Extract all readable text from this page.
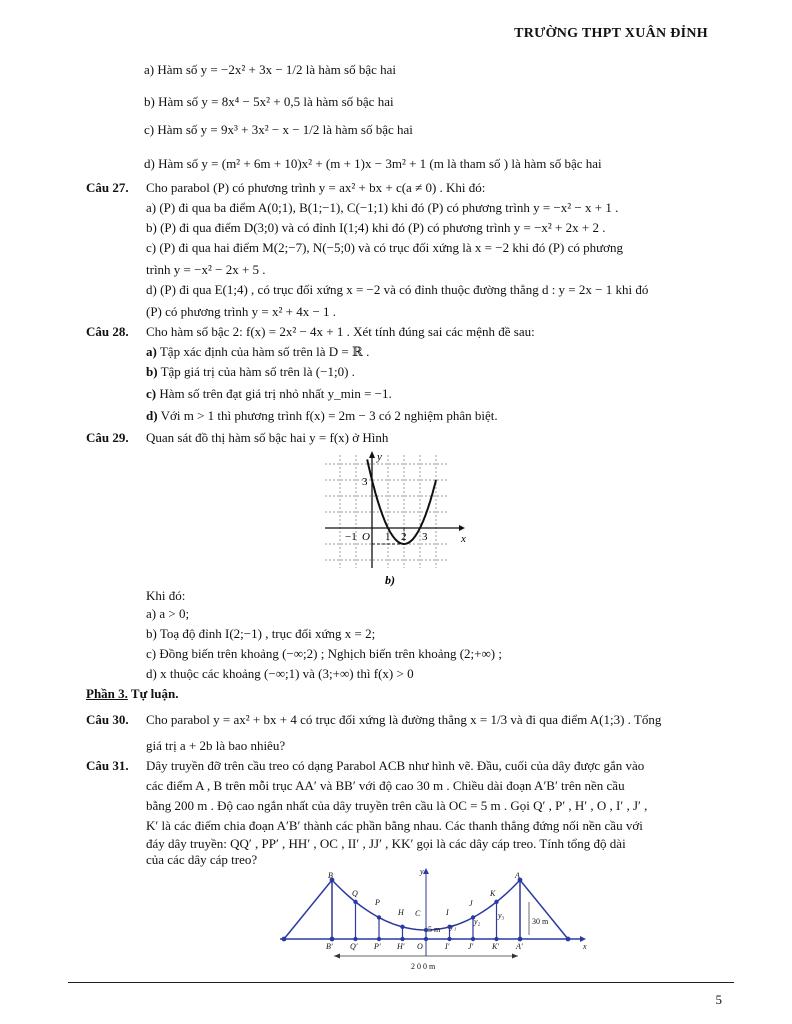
TRƯỜNG THPT XUÂN ĐỈNH
a) Hàm số y = −2x² + 3x − 1/2 là hàm số bậc hai
b) Hàm số y = 8x⁴ − 5x² + 0,5 là hàm số bậc hai
c) Hàm số y = 9x³ + 3x² − x − 1/2 là hàm số bậc hai
d) Hàm số y = (m² + 6m + 10)x² + (m + 1)x − 3m² + 1 (m là tham số ) là hàm số bậc hai
Câu 27. Cho parabol (P) có phương trình y = ax² + bx + c(a ≠ 0) . Khi đó:
a) (P) đi qua ba điểm A(0;1), B(1;−1), C(−1;1) khi đó (P) có phương trình y = −x² − x + 1 .
b) (P) đi qua điểm D(3;0) và có đỉnh I(1;4) khi đó (P) có phương trình y = −x² + 2x + 2 .
c) (P) đi qua hai điểm M(2;−7), N(−5;0) và có trục đối xứng là x = −2 khi đó (P) có phương
trình y = −x² − 2x + 5 .
d) (P) đi qua E(1;4) , có trục đối xứng x = −2 và có đỉnh thuộc đường thẳng d : y = 2x − 1 khi đó
(P) có phương trình y = x² + 4x − 1 .
Câu 28. Cho hàm số bậc 2: f(x) = 2x² − 4x + 1 . Xét tính đúng sai các mệnh đề sau:
a) Tập xác định của hàm số trên là D = ℝ .
b) Tập giá trị của hàm số trên là (−1;0) .
c) Hàm số trên đạt giá trị nhỏ nhất y_min = −1.
d) Với m > 1 thì phương trình f(x) = 2m − 3 có 2 nghiệm phân biệt.
Câu 29. Quan sát đồ thị hàm số bậc hai y = f(x) ở Hình
y
x
3
−1 O 1 2 3
b)
Khi đó:
a) a > 0;
b) Toạ độ đỉnh I(2;−1) , trục đối xứng x = 2;
c) Đồng biến trên khoảng (−∞;2) ; Nghịch biến trên khoảng (2;+∞) ;
d) x thuộc các khoảng (−∞;1) và (3;+∞) thì f(x) > 0
Phần 3. Tự luận.
Câu 30. Cho parabol y = ax² + bx + 4 có trục đối xứng là đường thẳng x = 1/3 và đi qua điểm A(1;3) . Tổng
giá trị a + 2b là bao nhiêu?
Câu 31. Dây truyền đỡ trên cầu treo có dạng Parabol ACB như hình vẽ. Đầu, cuối của dây được gắn vào
các điểm A , B trên mỗi trục AA′ và BB′ với độ cao 30 m . Chiều dài đoạn A′B′ trên nền cầu
bằng 200 m . Độ cao ngắn nhất của dây truyền trên cầu là OC = 5 m . Gọi Q′ , P′ , H′ , O , I′ , J′ ,
K′ là các điểm chia đoạn A′B′ thành các phần bằng nhau. Các thanh thẳng đứng nối nền cầu với
đáy dây truyền: QQ′ , PP′ , HH′ , OC , II′ , JJ′ , KK′ gọi là các dây cáp treo. Tính tổng độ dài
của các dây cáp treo?
B
Q
P
H C	I
J
K
A
B′ Q′ P′ H′ O	I′ J′ K′ A′
y
x
5 m
30 m
y₁
y₂
y₃
2 0 0 m
5
